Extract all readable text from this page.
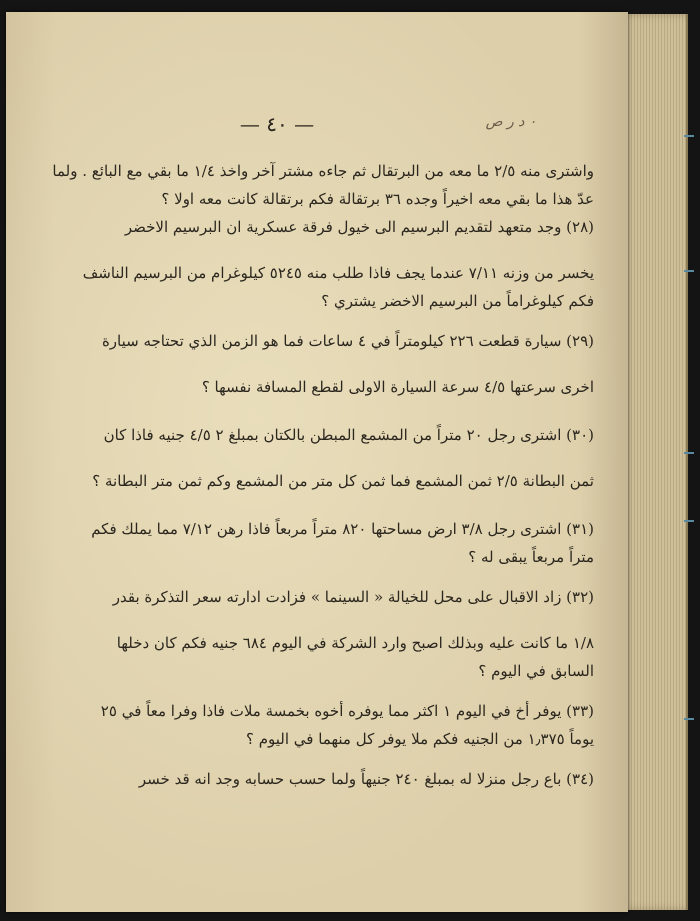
— ٤٠ —	٠ د ر ص
واشترى منه ٢/٥ ما معه من البرتقال ثم جاءه مشتر آخر واخذ ١/٤ ما بقي مع البائع . ولما
عدّ هذا ما بقي معه اخيراً وجده ٣٦ برتقالة فكم برتقالة كانت معه اولا ؟
(٢٨) وجد متعهد لتقديم البرسيم الى خيول فرقة عسكرية ان البرسيم الاخضر
يخسر من وزنه ٧/١١ عندما يجف فاذا طلب منه ٥٢٤٥ كيلوغرام من البرسيم الناشف
فكم كيلوغراماً من البرسيم الاخضر يشتري ؟
(٢٩) سيارة قطعت ٢٢٦ كيلومتراً في ٤ ساعات فما هو الزمن الذي تحتاجه سيارة
اخرى سرعتها ٤/٥ سرعة السيارة الاولى لقطع المسافة نفسها ؟
(٣٠) اشترى رجل ٢٠ متراً من المشمع المبطن بالكتان بمبلغ ٢ ٤/٥ جنيه فاذا كان
ثمن البطانة ٢/٥ ثمن المشمع فما ثمن كل متر من المشمع وكم ثمن متر البطانة ؟
(٣١) اشترى رجل ٣/٨ ارض مساحتها ٨٢٠ متراً مربعاً فاذا رهن ٧/١٢ مما يملك فكم
متراً مربعاً يبقى له ؟
(٣٢) زاد الاقبال على محل للخيالة « السينما » فزادت ادارته سعر التذكرة بقدر
١/٨ ما كانت عليه وبذلك اصبح وارد الشركة في اليوم ٦٨٤ جنيه فكم كان دخلها
السابق في اليوم ؟
(٣٣) يوفر أخ في اليوم ١ اكثر مما يوفره أخوه بخمسة ملات فاذا وفرا معاً في ٢٥
يوماً ١٫٣٧٥ من الجنيه فكم ملا يوفر كل منهما في اليوم ؟
(٣٤) باع رجل منزلا له بمبلغ ٢٤٠ جنيهاً ولما حسب حسابه وجد انه قد خسر
